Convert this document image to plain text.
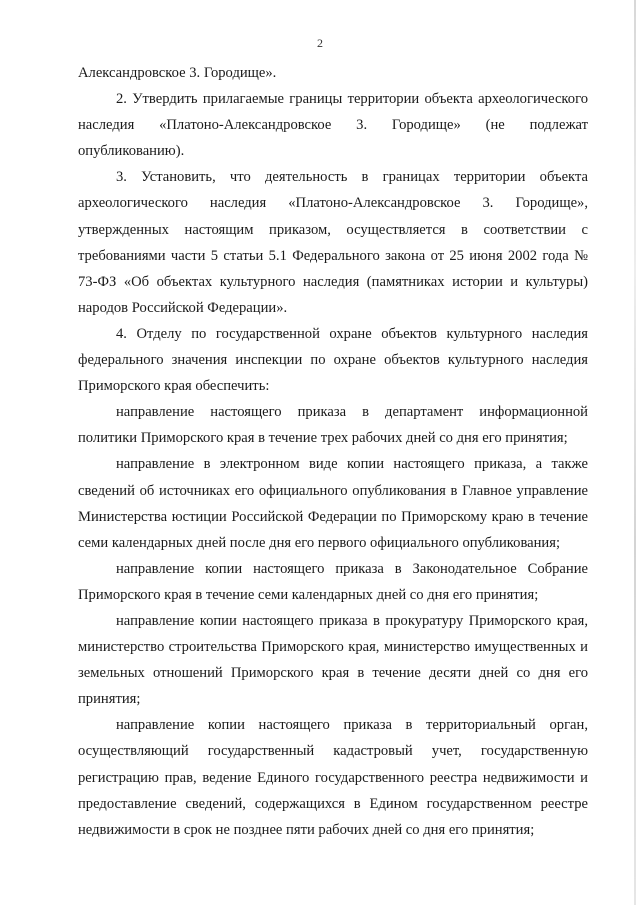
2

Александровское 3. Городище».

2. Утвердить прилагаемые границы территории объекта археологического наследия «Платоно-Александровское 3. Городище» (не подлежат опубликованию).

3. Установить, что деятельность в границах территории объекта археологического наследия «Платоно-Александровское 3. Городище», утвержденных настоящим приказом, осуществляется в соответствии с требованиями части 5 статьи 5.1 Федерального закона от 25 июня 2002 года № 73-ФЗ «Об объектах культурного наследия (памятниках истории и культуры) народов Российской Федерации».

4. Отделу по государственной охране объектов культурного наследия федерального значения инспекции по охране объектов культурного наследия Приморского края обеспечить:

направление настоящего приказа в департамент информационной политики Приморского края в течение трех рабочих дней со дня его принятия;

направление в электронном виде копии настоящего приказа, а также сведений об источниках его официального опубликования в Главное управление Министерства юстиции Российской Федерации по Приморскому краю в течение семи календарных дней после дня его первого официального опубликования;

направление копии настоящего приказа в Законодательное Собрание Приморского края в течение семи календарных дней со дня его принятия;

направление копии настоящего приказа в прокуратуру Приморского края, министерство строительства Приморского края, министерство имущественных и земельных отношений Приморского края в течение десяти дней со дня его принятия;

направление копии настоящего приказа в территориальный орган, осуществляющий государственный кадастровый учет, государственную регистрацию прав, ведение Единого государственного реестра недвижимости и предоставление сведений, содержащихся в Едином государственном реестре недвижимости в срок не позднее пяти рабочих дней со дня его принятия;
